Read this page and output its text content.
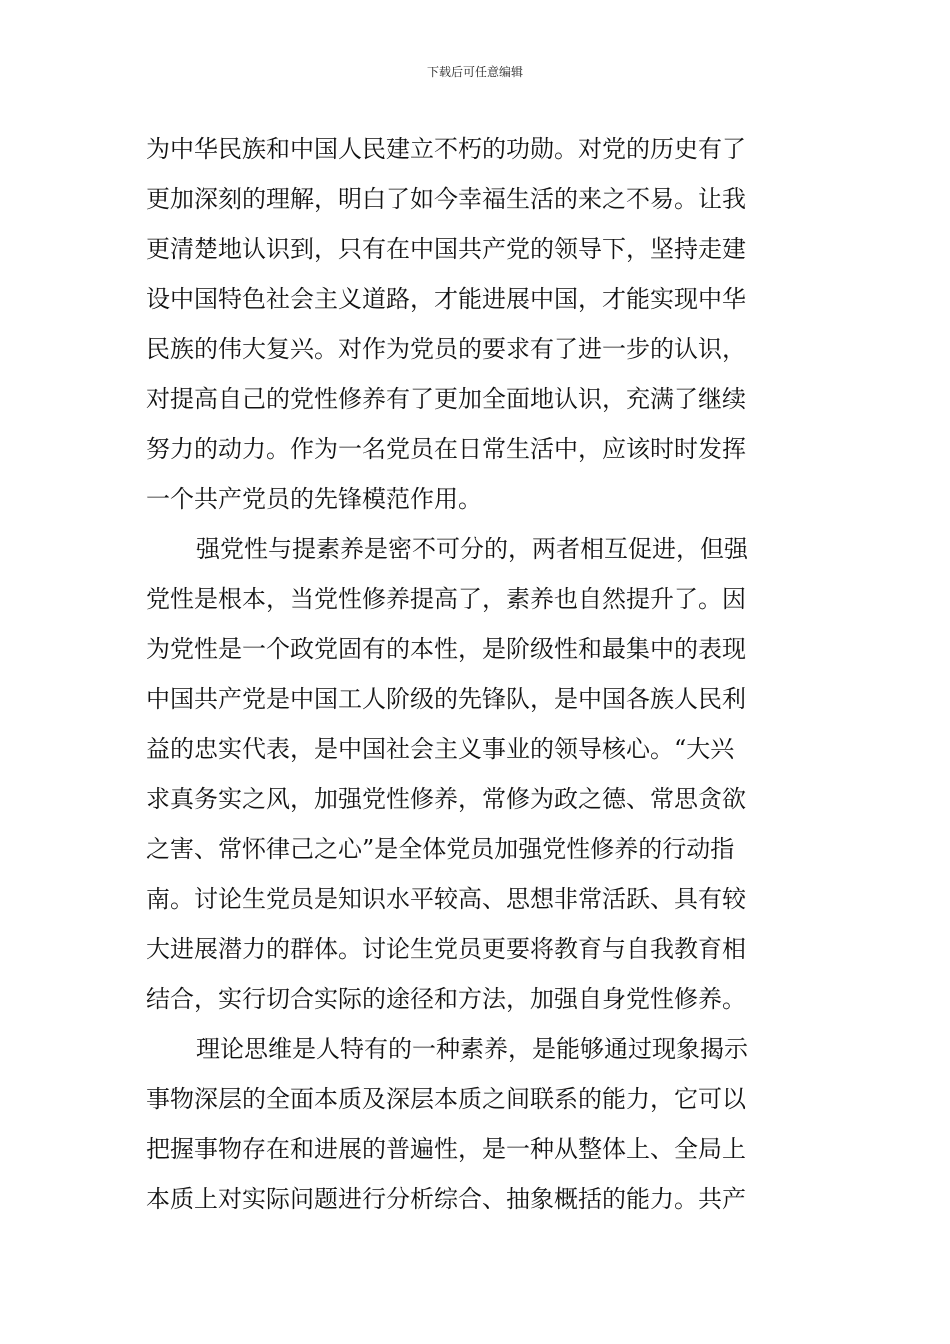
下载后可任意编辑
为中华民族和中国人民建立不朽的功勋。对党的历史有了
更加深刻的理解，明白了如今幸福生活的来之不易。让我
更清楚地认识到，只有在中国共产党的领导下，坚持走建
设中国特色社会主义道路，才能进展中国，才能实现中华
民族的伟大复兴。对作为党员的要求有了进一步的认识，
对提高自己的党性修养有了更加全面地认识，充满了继续
努力的动力。作为一名党员在日常生活中，应该时时发挥
一个共产党员的先锋模范作用。
强党性与提素养是密不可分的，两者相互促进，但强
党性是根本，当党性修养提高了，素养也自然提升了。因
为党性是一个政党固有的本性，是阶级性和最集中的表现
中国共产党是中国工人阶级的先锋队，是中国各族人民利
益的忠实代表，是中国社会主义事业的领导核心。“大兴
求真务实之风，加强党性修养，常修为政之德、常思贪欲
之害、常怀律己之心”是全体党员加强党性修养的行动指
南。讨论生党员是知识水平较高、思想非常活跃、具有较
大进展潜力的群体。讨论生党员更要将教育与自我教育相
结合，实行切合实际的途径和方法，加强自身党性修养。
理论思维是人特有的一种素养，是能够通过现象揭示
事物深层的全面本质及深层本质之间联系的能力，它可以
把握事物存在和进展的普遍性，是一种从整体上、全局上
本质上对实际问题进行分析综合、抽象概括的能力。共产
